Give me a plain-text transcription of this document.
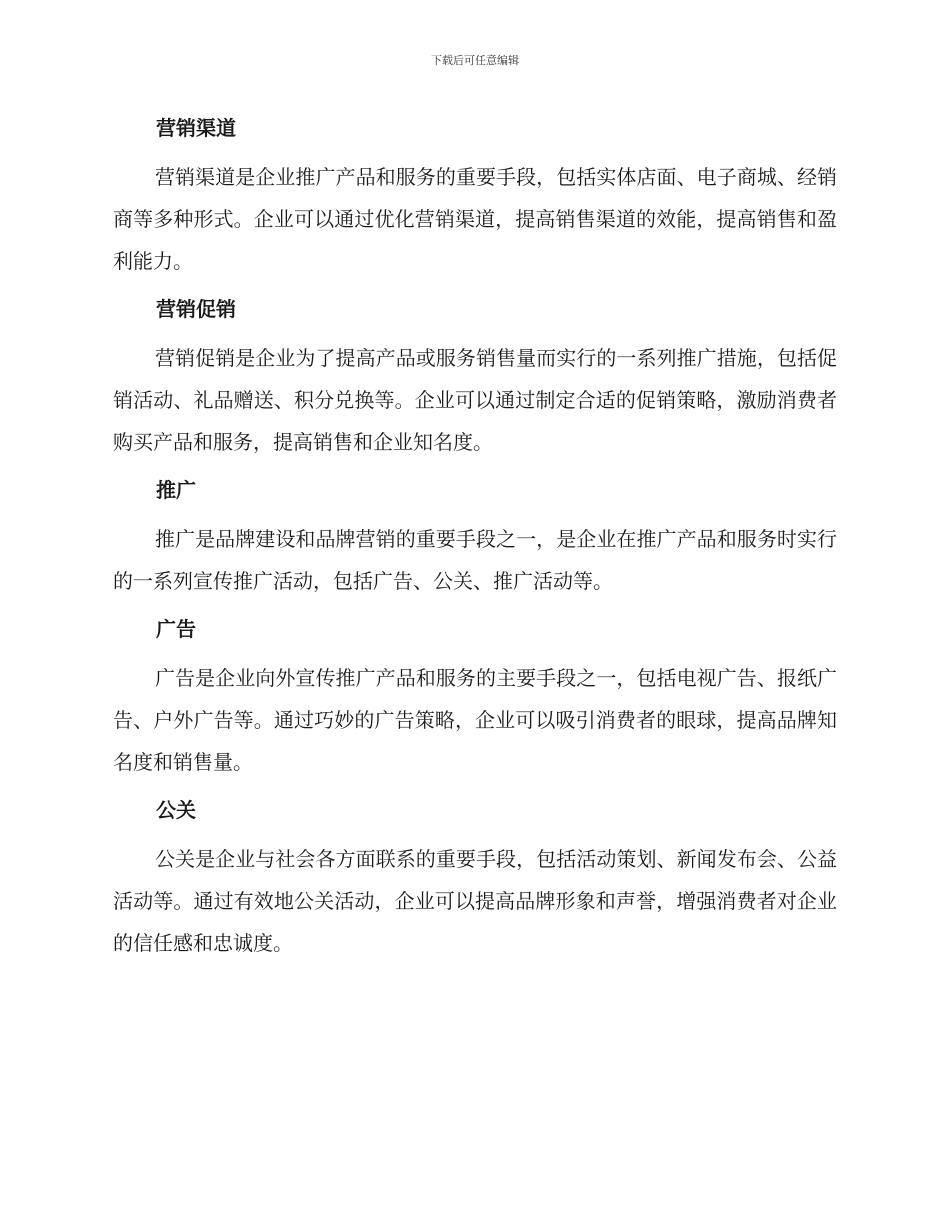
下载后可任意编辑
营销渠道

营销渠道是企业推广产品和服务的重要手段，包括实体店面、电子商城、经销商等多种形式。企业可以通过优化营销渠道，提高销售渠道的效能，提高销售和盈利能力。

营销促销

营销促销是企业为了提高产品或服务销售量而实行的一系列推广措施，包括促销活动、礼品赠送、积分兑换等。企业可以通过制定合适的促销策略，激励消费者购买产品和服务，提高销售和企业知名度。

推广

推广是品牌建设和品牌营销的重要手段之一，是企业在推广产品和服务时实行的一系列宣传推广活动，包括广告、公关、推广活动等。

广告

广告是企业向外宣传推广产品和服务的主要手段之一，包括电视广告、报纸广告、户外广告等。通过巧妙的广告策略，企业可以吸引消费者的眼球，提高品牌知名度和销售量。

公关

公关是企业与社会各方面联系的重要手段，包括活动策划、新闻发布会、公益活动等。通过有效地公关活动，企业可以提高品牌形象和声誉，增强消费者对企业的信任感和忠诚度。
